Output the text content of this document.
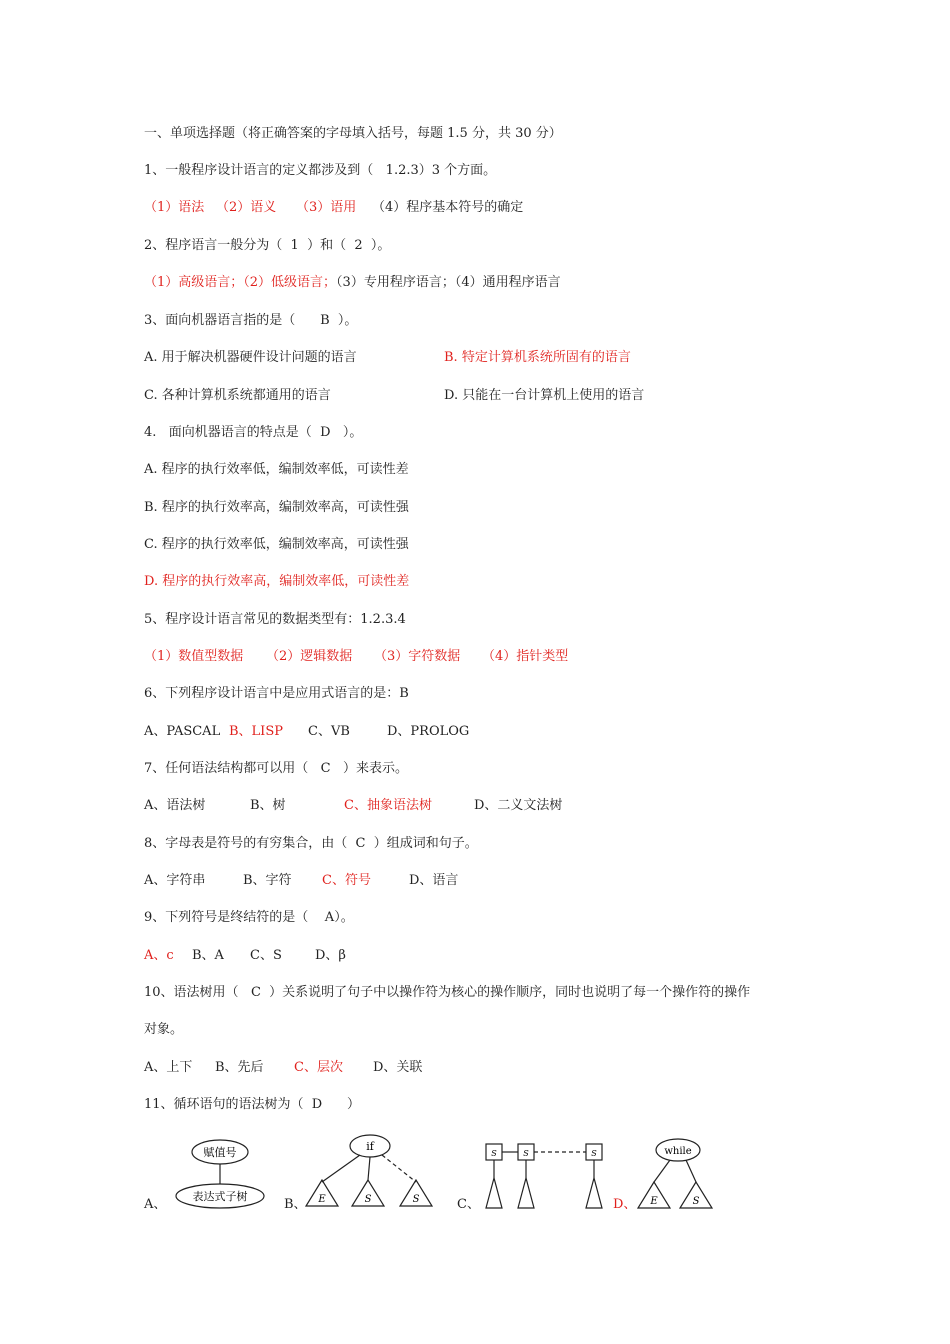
一、单项选择题（将正确答案的字母填入括号，每题 1.5 分，共 30 分）
1、一般程序设计语言的定义都涉及到（   1.2.3）3 个方面。
（1）语法 （2）语义 （3）语用 （4）程序基本符号的确定
2、程序语言一般分为（  1  ）和（  2  ）。
（1）高级语言；（2）低级语言；（3）专用程序语言；（4）通用程序语言
3、面向机器语言指的是（      B  ）。
A. 用于解决机器硬件设计问题的语言	B. 特定计算机系统所固有的语言
C. 各种计算机系统都通用的语言	D. 只能在一台计算机上使用的语言
4.   面向机器语言的特点是（  D   ）。
A. 程序的执行效率低，编制效率低，可读性差
B. 程序的执行效率高，编制效率高，可读性强
C. 程序的执行效率低，编制效率高，可读性强
D. 程序的执行效率高，编制效率低，可读性差
5、程序设计语言常见的数据类型有：1.2.3.4
（1）数值型数据 （2）逻辑数据 （3）字符数据 （4）指针类型
6、下列程序设计语言中是应用式语言的是：B
A、PASCAL B、LISP C、VB	D、PROLOG
7、任何语法结构都可以用（   C   ）来表示。
A、语法树	B、树	C、抽象语法树	D、二义文法树
8、字母表是符号的有穷集合，由（  C  ）组成词和句子。
A、字符串	B、字符 C、符号	D、语言
9、下列符号是终结符的是（    A）。
A、c B、A C、S	D、β
10、语法树用（   C  ）关系说明了句子中以操作符为核心的操作顺序，同时也说明了每一个操作符的操作
对象。
A、上下 B、先后 C、层次 D、关联
11、循环语句的语法树为（  D      ）
A、	B、	C、	D、
赋值号
表达式子树
if
E	S	S
S	S	S	while
E	S
